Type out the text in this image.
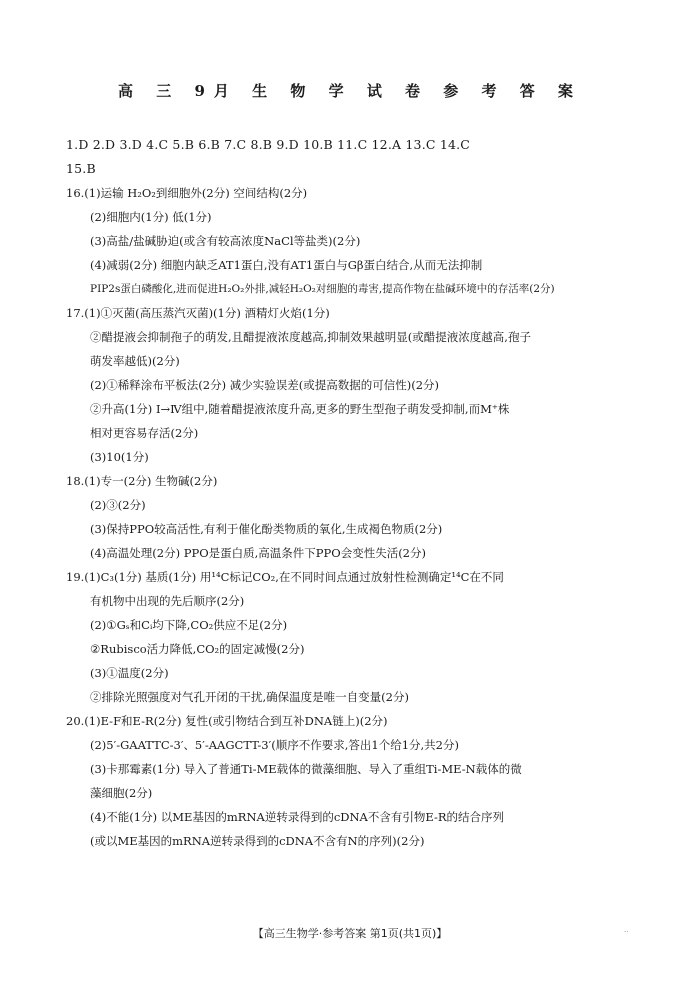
高 三 9月 生 物 学 试 卷 参 考 答 案
1.D 2.D 3.D 4.C 5.B 6.B 7.C 8.B 9.D 10.B 11.C 12.A 13.C 14.C
15.B
16.(1)运输 H₂O₂到细胞外(2分) 空间结构(2分)
(2)细胞内(1分) 低(1分)
(3)高盐/盐碱胁迫(或含有较高浓度NaCl等盐类)(2分)
(4)减弱(2分) 细胞内缺乏AT1蛋白,没有AT1蛋白与Gβ蛋白结合,从而无法抑制
PIP2s蛋白磷酸化,进而促进H₂O₂外排,减轻H₂O₂对细胞的毒害,提高作物在盐碱环境中的存活率(2分)
17.(1)①灭菌(高压蒸汽灭菌)(1分) 酒精灯火焰(1分)
②醋提液会抑制孢子的萌发,且醋提液浓度越高,抑制效果越明显(或醋提液浓度越高,孢子
萌发率越低)(2分)
(2)①稀释涂布平板法(2分) 减少实验误差(或提高数据的可信性)(2分)
②升高(1分) Ⅰ→Ⅳ组中,随着醋提液浓度升高,更多的野生型孢子萌发受抑制,而M⁺株
相对更容易存活(2分)
(3)10(1分)
18.(1)专一(2分) 生物碱(2分)
(2)③(2分)
(3)保持PPO较高活性,有利于催化酚类物质的氧化,生成褐色物质(2分)
(4)高温处理(2分) PPO是蛋白质,高温条件下PPO会变性失活(2分)
19.(1)C₃(1分) 基质(1分) 用¹⁴C标记CO₂,在不同时间点通过放射性检测确定¹⁴C在不同
有机物中出现的先后顺序(2分)
(2)①Gₛ和Cᵢ均下降,CO₂供应不足(2分)
②Rubisco活力降低,CO₂的固定减慢(2分)
(3)①温度(2分)
②排除光照强度对气孔开闭的干扰,确保温度是唯一自变量(2分)
20.(1)E-F和E-R(2分) 复性(或引物结合到互补DNA链上)(2分)
(2)5′-GAATTC-3′、5′-AAGCTT-3′(顺序不作要求,答出1个给1分,共2分)
(3)卡那霉素(1分) 导入了普通Ti-ME载体的微藻细胞、导入了重组Ti-ME-N载体的微
藻细胞(2分)
(4)不能(1分) 以ME基因的mRNA逆转录得到的cDNA不含有引物E-R的结合序列
(或以ME基因的mRNA逆转录得到的cDNA不含有N的序列)(2分)
【高三生物学·参考答案 第1页(共1页)】	..
